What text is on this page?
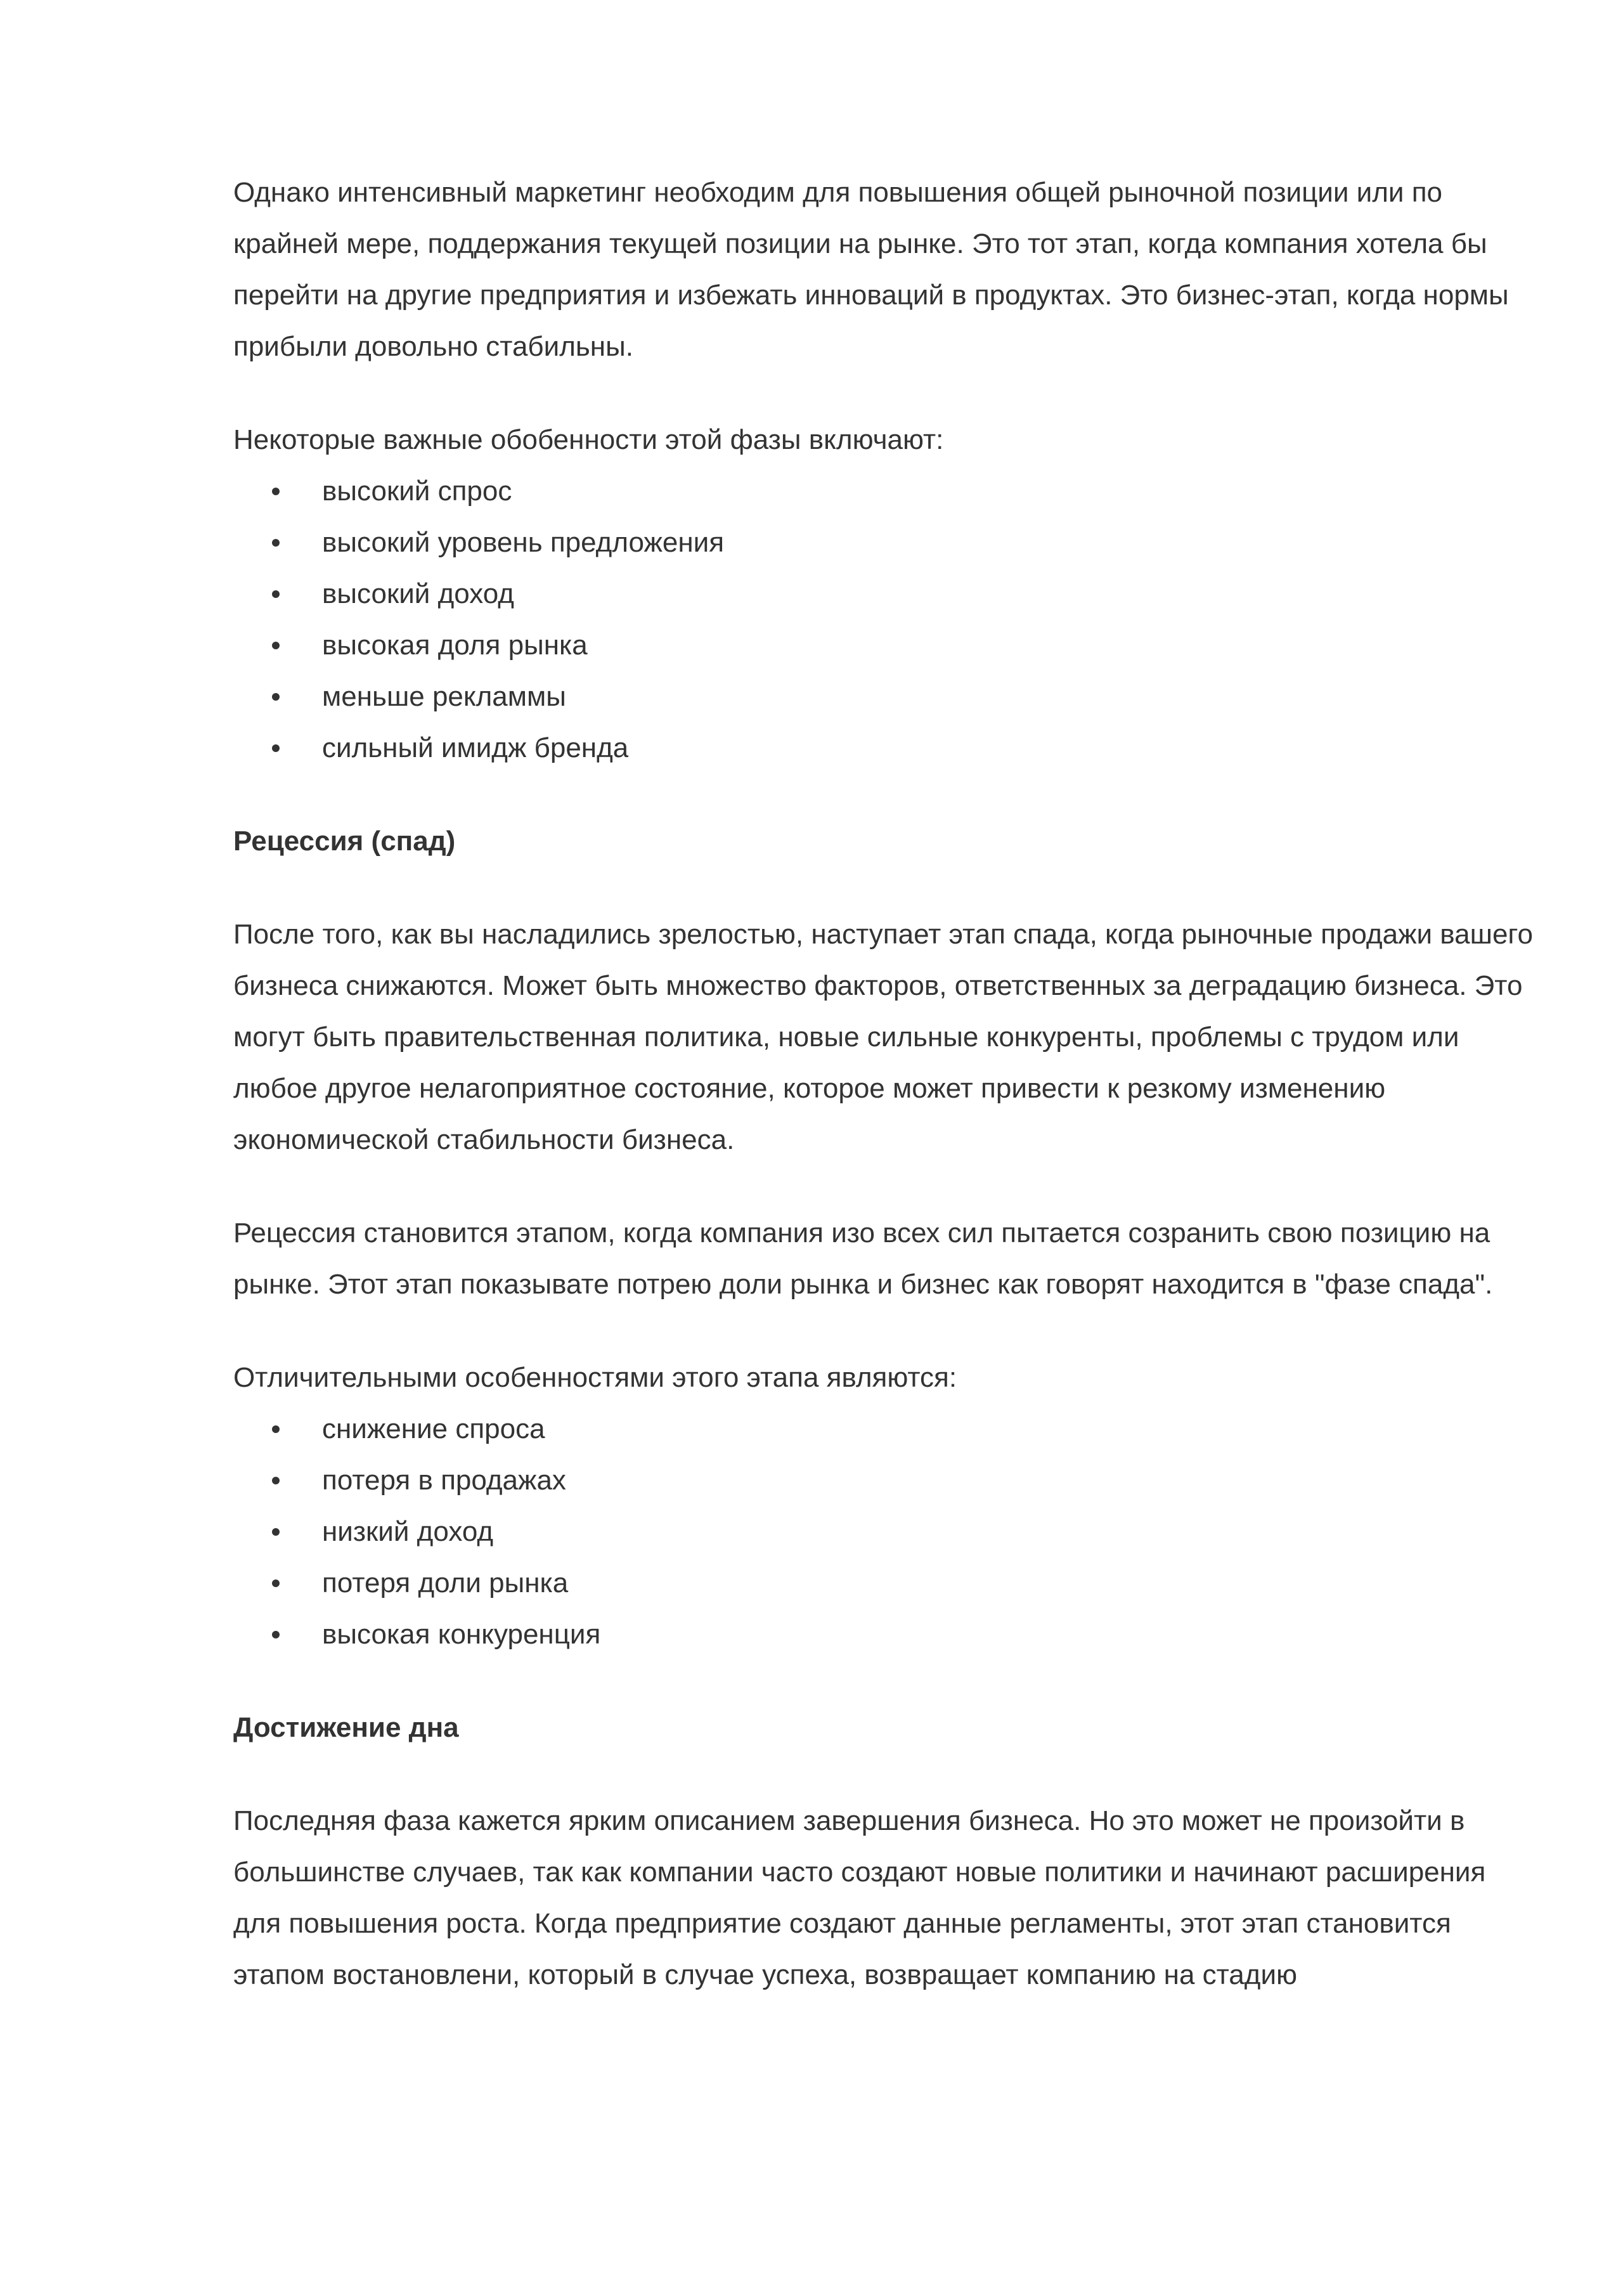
Однако интенсивный маркетинг необходим для повышения общей рыночной позиции или по крайней мере, поддержания текущей позиции на рынке. Это тот этап, когда компания хотела бы перейти на другие предприятия и избежать инноваций в продуктах. Это бизнес-этап, когда нормы прибыли довольно стабильны.

Некоторые важные обобенности этой фазы включают:

высокий спрос
высокий уровень предложения
высокий доход
высокая доля рынка
меньше рекламмы
сильный имидж бренда

Рецессия (спад)

После того, как вы насладились зрелостью, наступает этап спада, когда рыночные продажи вашего бизнеса снижаются. Может быть множество факторов, ответственных за деградацию бизнеса. Это могут быть правительственная политика, новые сильные конкуренты, проблемы с трудом или любое другое нелагоприятное состояние, которое может привести к резкому изменению экономической стабильности бизнеса.

Рецессия становится этапом, когда компания изо всех сил пытается созранить свою позицию на рынке. Этот этап показывате потрею доли рынка и бизнес как говорят находится в "фазе спада".

Отличительными особенностями этого этапа являются:

снижение спроса
потеря в продажах
низкий доход
потеря доли рынка
высокая конкуренция

Достижение дна

Последняя фаза кажется ярким описанием завершения бизнеса. Но это может не произойти в большинстве случаев, так как компании часто создают новые политики и начинают расширения для повышения роста. Когда предприятие создают данные регламенты, этот этап становится этапом востановлени, который в случае успеха, возвращает компанию на стадию
